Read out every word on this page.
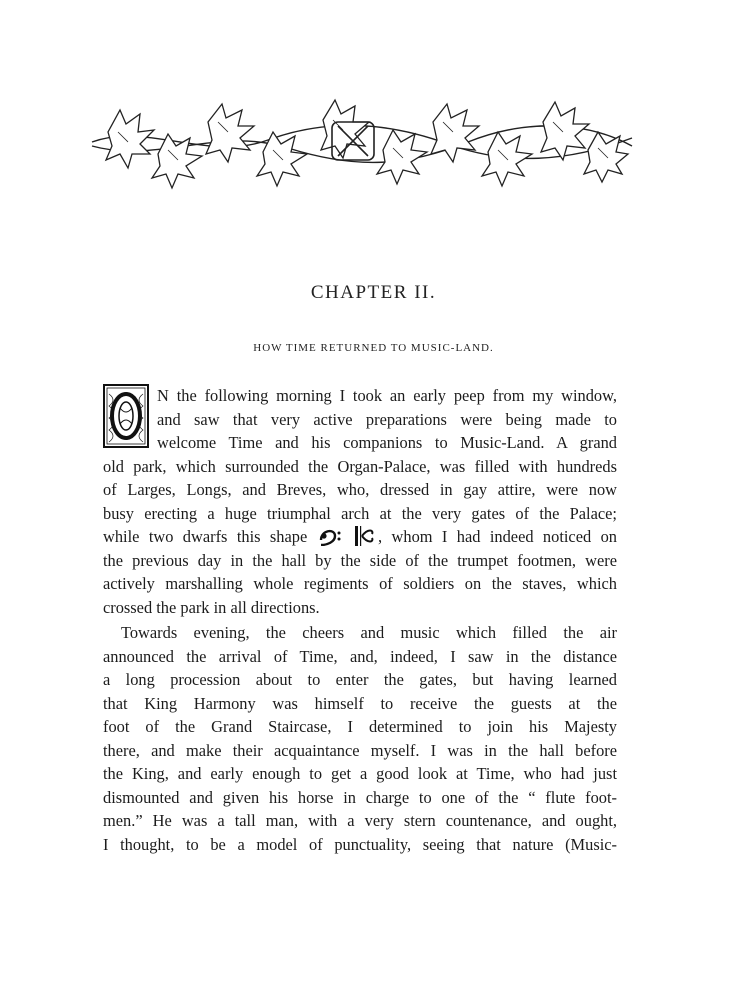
CHAPTER II.
HOW TIME RETURNED TO MUSIC-LAND.
N the following morning I took an early peep from my window,
and saw that very active preparations were being made to
welcome Time and his companions to Music-Land. A grand
old park, which surrounded the Organ-Palace, was filled with hundreds
of Larges, Longs, and Breves, who, dressed in gay attire, were now
busy erecting a huge triumphal arch at the very gates of the Palace;
while two dwarfs this shape	, whom I had indeed noticed on
the previous day in the hall by the side of the trumpet footmen, were
actively marshalling whole regiments of soldiers on the staves, which
crossed the park in all directions.
Towards evening, the cheers and music which filled the air
announced the arrival of Time, and, indeed, I saw in the distance
a long procession about to enter the gates, but having learned
that King Harmony was himself to receive the guests at the
foot of the Grand Staircase, I determined to join his Majesty
there, and make their acquaintance myself. I was in the hall before
the King, and early enough to get a good look at Time, who had just
dismounted and given his horse in charge to one of the “ flute foot-
men.” He was a tall man, with a very stern countenance, and ought,
I thought, to be a model of punctuality, seeing that nature (Music-
